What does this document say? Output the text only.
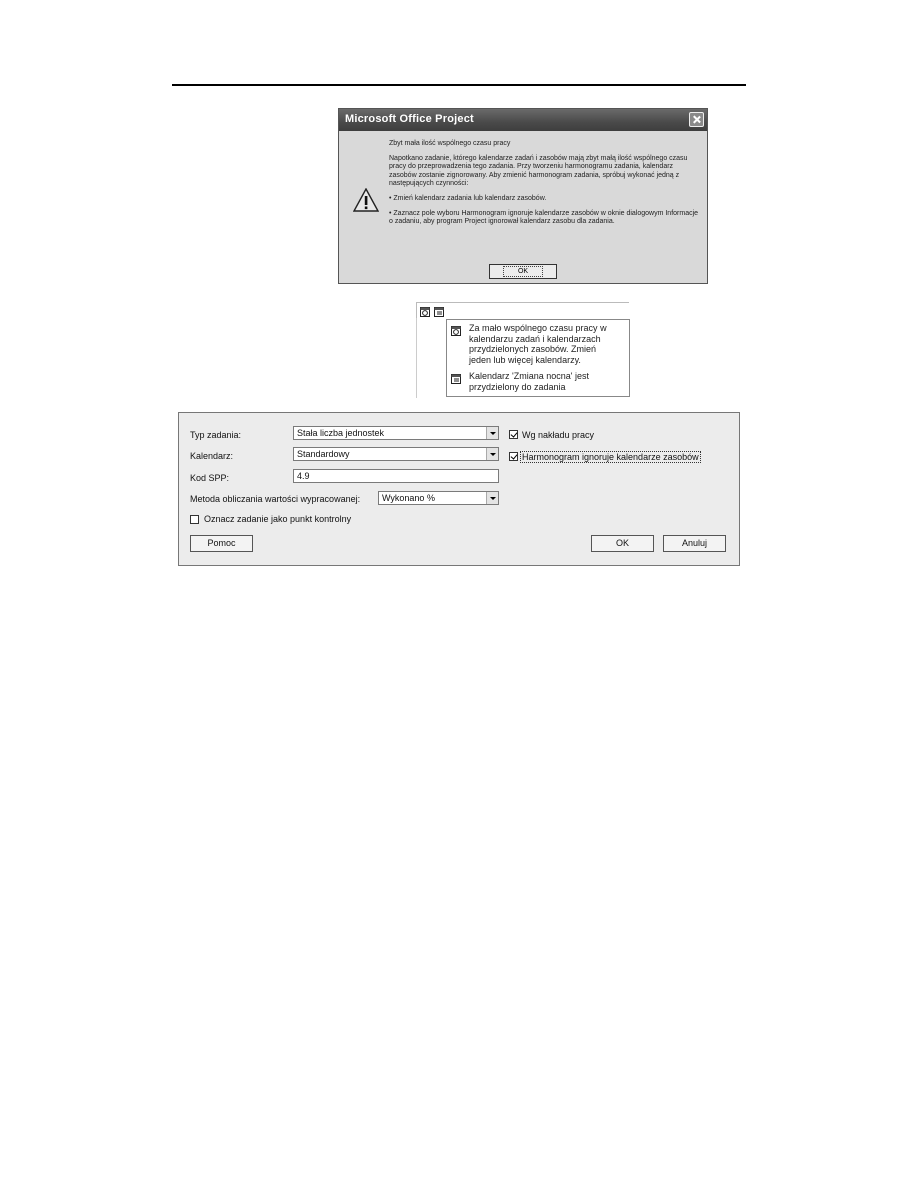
Microsoft Office Project

Zbyt mała ilość wspólnego czasu pracy

Napotkano zadanie, którego kalendarze zadań i zasobów mają zbyt małą ilość wspólnego czasu pracy do przeprowadzenia tego zadania. Przy tworzeniu harmonogramu zadania, kalendarz zasobów zostanie zignorowany. Aby zmienić harmonogram zadania, spróbuj wykonać jedną z następujących czynności:

• Zmień kalendarz zadania lub kalendarz zasobów.

• Zaznacz pole wyboru Harmonogram ignoruje kalendarze zasobów w oknie dialogowym Informacje o zadaniu, aby program Project ignorował kalendarz zasobu dla zadania.

OK
Za mało wspólnego czasu pracy w kalendarzu zadań i kalendarzach przydzielonych zasobów. Zmień jeden lub więcej kalendarzy.
Kalendarz 'Zmiana nocna' jest przydzielony do zadania
Typ zadania:	Stała liczba jednostek	Wg nakładu pracy
Kalendarz:	Standardowy	Harmonogram ignoruje kalendarze zasobów
Kod SPP:	4.9
Metoda obliczania wartości wypracowanej:	Wykonano %
Oznacz zadanie jako punkt kontrolny
Pomoc	OK	Anuluj
